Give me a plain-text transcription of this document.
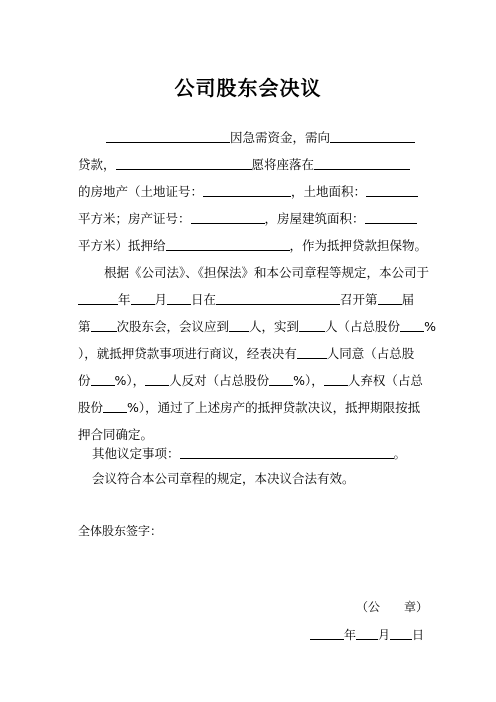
公司股东会决议
因急需资金，需向
贷款，	愿将座落在
的房地产（土地证号：	，土地面积：
平方米；房产证号：	，房屋建筑面积：
平方米）抵押给	，作为抵押贷款担保物。
根据《公司法》、《担保法》和本公司章程等规定，本公司于
年 月 日在	召开第 届
第 次股东会，会议应到 人，实到 人（占总股份 %
），就抵押贷款事项进行商议，经表决有 人同意（占总股
份 %）， 人反对（占总股份 %）， 人弃权（占总
股份 %），通过了上述房产的抵押贷款决议，抵押期限按抵
押合同确定。
其他议定事项：	。
会议符合本公司章程的规定，本决议合法有效。
全体股东签字：
（公　　章）
年 月 日
